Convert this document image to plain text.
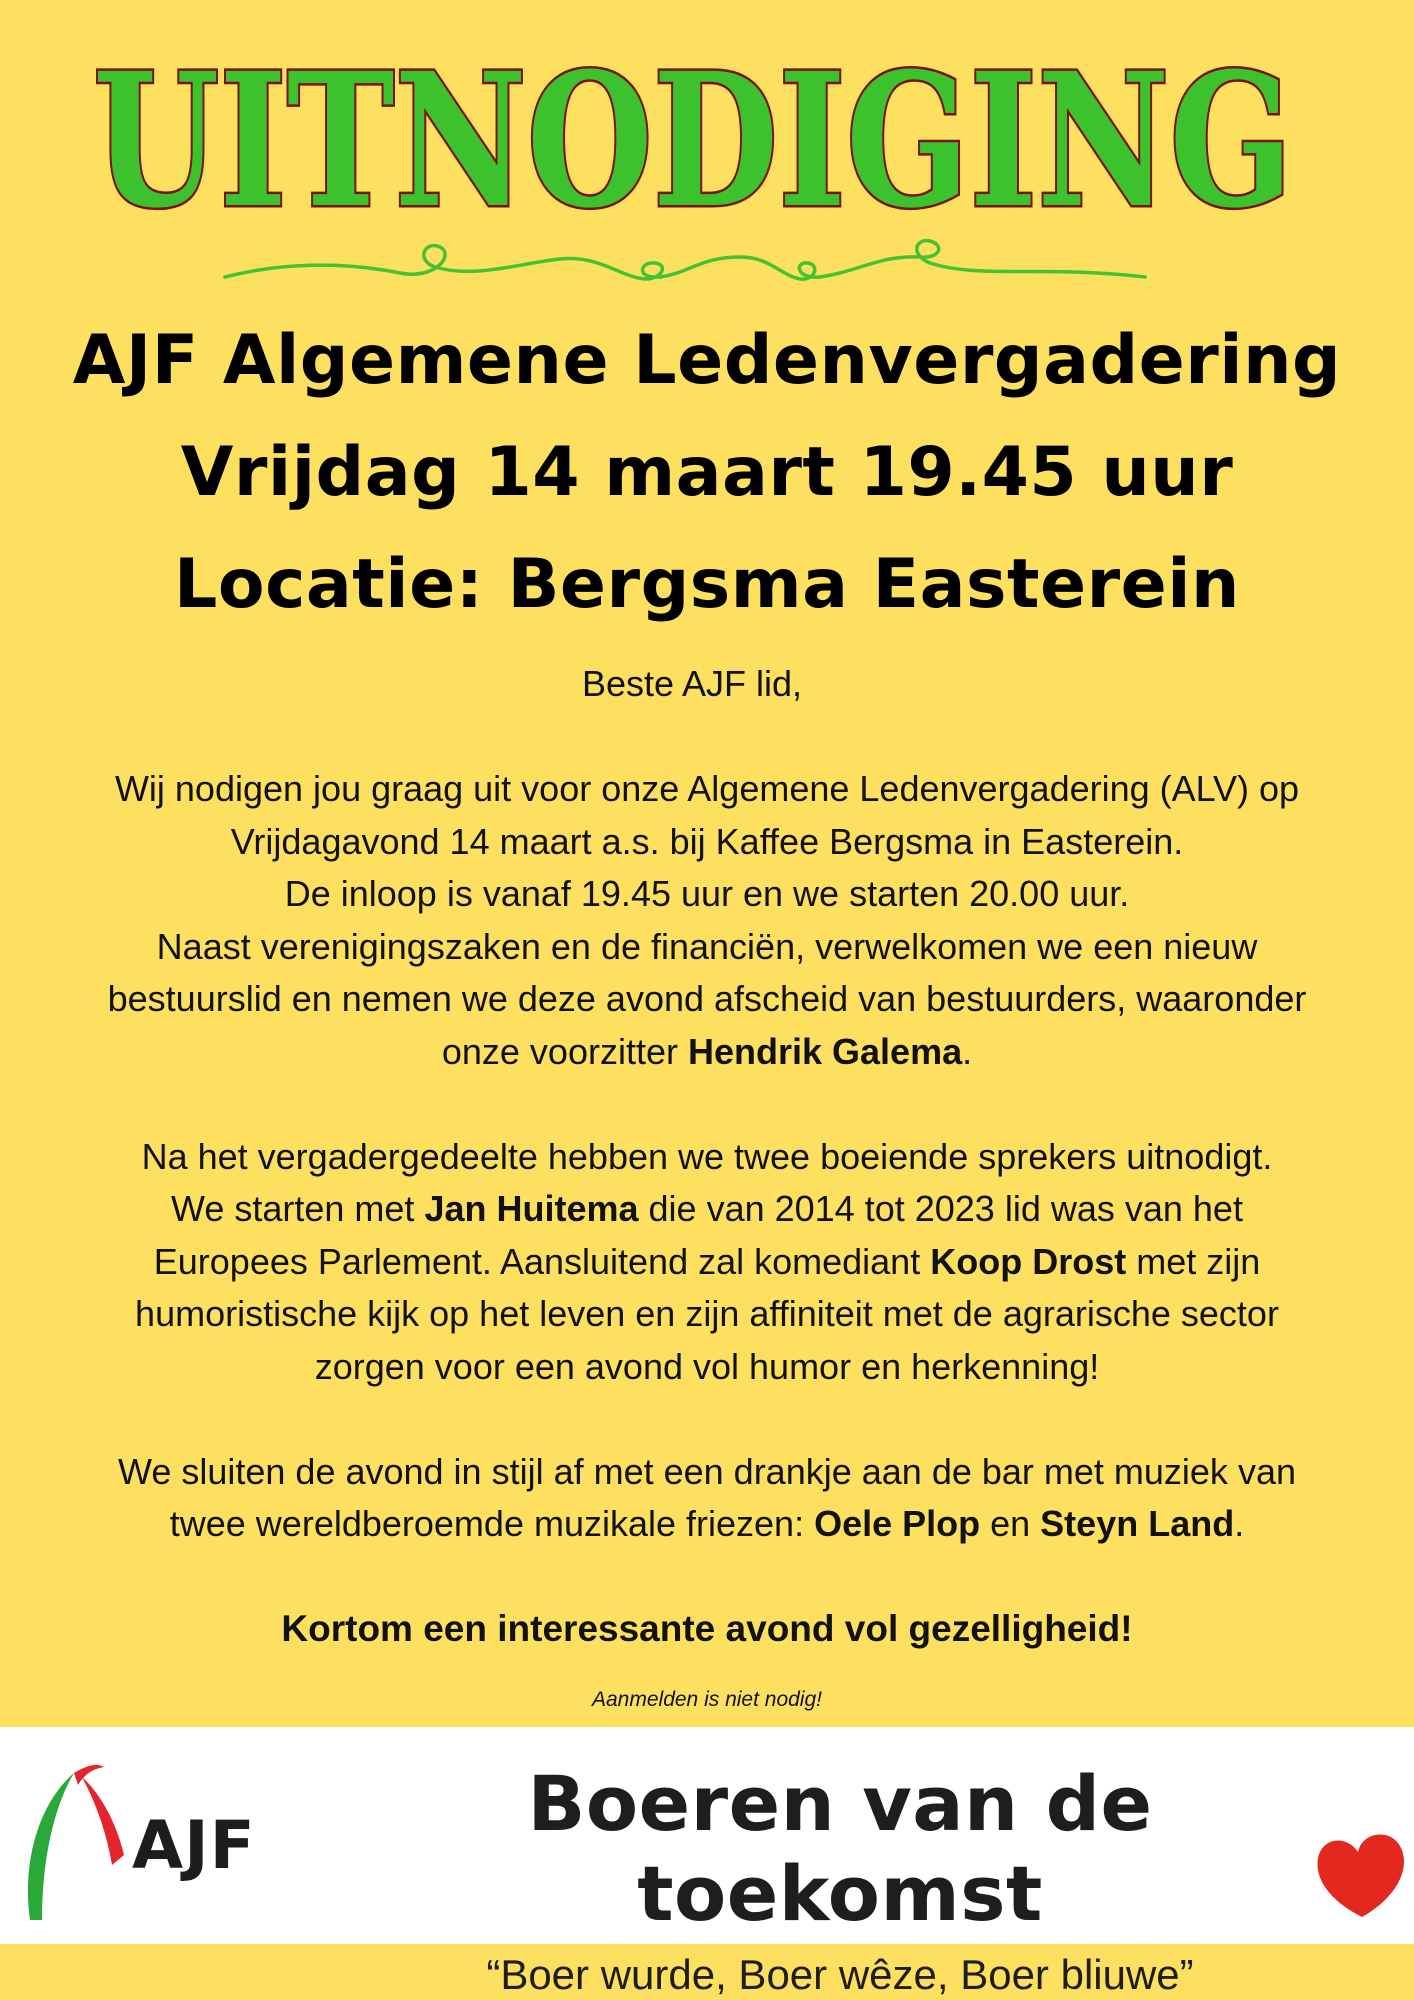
UITNODIGING
AJF Algemene Ledenvergadering
Vrijdag 14 maart 19.45 uur
Locatie: Bergsma Easterein

Beste AJF lid,

Wij nodigen jou graag uit voor onze Algemene Ledenvergadering (ALV) op

Vrijdagavond 14 maart a.s. bij Kaffee Bergsma in Easterein.

De inloop is vanaf 19.45 uur en we starten 20.00 uur.

Naast verenigingszaken en de financiën, verwelkomen we een nieuw

bestuurslid en nemen we deze avond afscheid van bestuurders, waaronder

onze voorzitter Hendrik Galema.

Na het vergadergedeelte hebben we twee boeiende sprekers uitnodigt.

We starten met Jan Huitema die van 2014 tot 2023 lid was van het

Europees Parlement. Aansluitend zal komediant Koop Drost met zijn

humoristische kijk op het leven en zijn affiniteit met de agrarische sector

zorgen voor een avond vol humor en herkenning!

We sluiten de avond in stijl af met een drankje aan de bar met muziek van

twee wereldberoemde muzikale friezen: Oele Plop en Steyn Land.

Kortom een interessante avond vol gezelligheid!

Aanmelden is niet nodig!
AJF	Boeren van de toekomst
“Boer wurde, Boer wêze, Boer bliuwe”
